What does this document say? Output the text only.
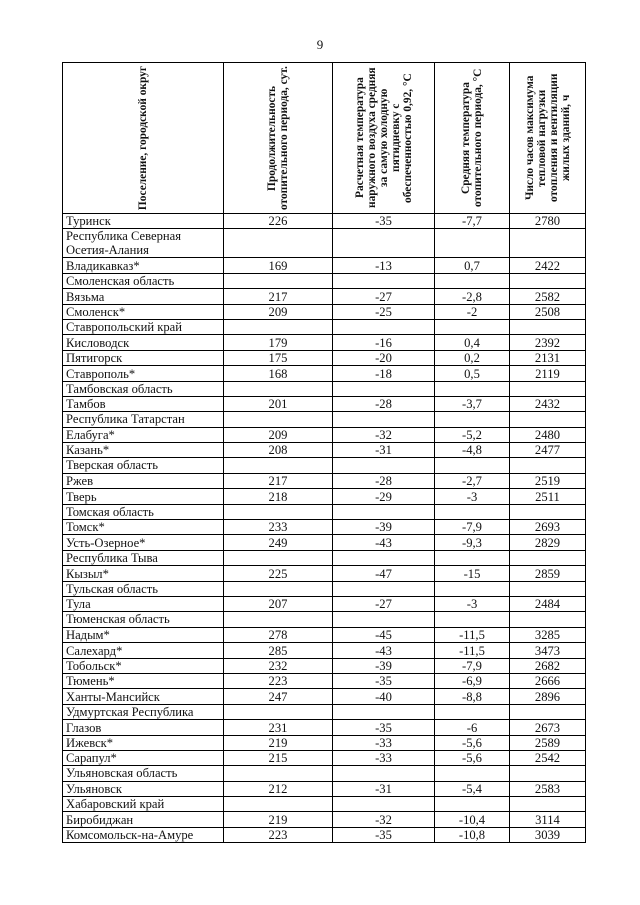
9
Поселение, городской округ	Продолжительность отопительного периода, сут.	Расчетная температура наружного воздуха средняя за самую холодную пятидневку с обеспеченностью 0,92, °С	Средняя температура отопительного периода, °С	Число часов максимума тепловой нагрузки отопления и вентиляции жилых зданий, ч

Туринск	226	-35	-7,7	2780
Республика Северная Осетия-Алания				
Владикавказ*	169	-13	0,7	2422
Смоленская область				
Вязьма	217	-27	-2,8	2582
Смоленск*	209	-25	-2	2508
Ставропольский край				
Кисловодск	179	-16	0,4	2392
Пятигорск	175	-20	0,2	2131
Ставрополь*	168	-18	0,5	2119
Тамбовская область				
Тамбов	201	-28	-3,7	2432
Республика Татарстан				
Елабуга*	209	-32	-5,2	2480
Казань*	208	-31	-4,8	2477
Тверская область				
Ржев	217	-28	-2,7	2519
Тверь	218	-29	-3	2511
Томская область				
Томск*	233	-39	-7,9	2693
Усть-Озерное*	249	-43	-9,3	2829
Республика Тыва				
Кызыл*	225	-47	-15	2859
Тульская область				
Тула	207	-27	-3	2484
Тюменская область				
Надым*	278	-45	-11,5	3285
Салехард*	285	-43	-11,5	3473
Тобольск*	232	-39	-7,9	2682
Тюмень*	223	-35	-6,9	2666
Ханты-Мансийск	247	-40	-8,8	2896
Удмуртская Республика				
Глазов	231	-35	-6	2673
Ижевск*	219	-33	-5,6	2589
Сарапул*	215	-33	-5,6	2542
Ульяновская область				
Ульяновск	212	-31	-5,4	2583
Хабаровский край				
Биробиджан	219	-32	-10,4	3114
Комсомольск-на-Амуре	223	-35	-10,8	3039
